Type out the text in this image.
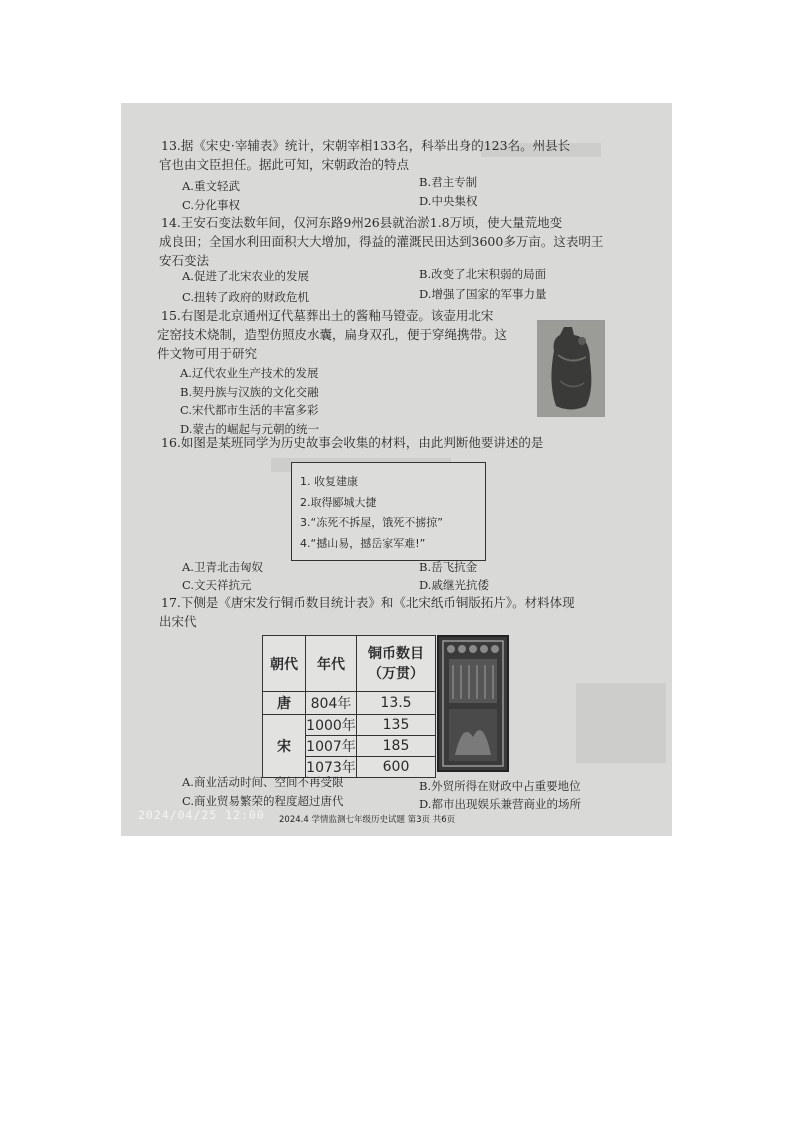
13.据《宋史·宰辅表》统计，宋朝宰相133名，科举出身的123名。州县长
官也由文臣担任。据此可知，宋朝政治的特点
A.重文轻武	B.君主专制
C.分化事权	D.中央集权
14.王安石变法数年间，仅河东路9州26县就治淤1.8万顷，使大量荒地变
成良田；全国水利田面积大大增加，得益的灌溉民田达到3600多万亩。这表明王
安石变法
A.促进了北宋农业的发展	B.改变了北宋积弱的局面
C.扭转了政府的财政危机	D.增强了国家的军事力量
15.右图是北京通州辽代墓葬出土的酱釉马镫壶。该壶用北宋
定窑技术烧制，造型仿照皮水囊，扁身双孔，便于穿绳携带。这
件文物可用于研究
A.辽代农业生产技术的发展
B.契丹族与汉族的文化交融
C.宋代都市生活的丰富多彩
D.蒙古的崛起与元朝的统一
16.如图是某班同学为历史故事会收集的材料，由此判断他要讲述的是
1. 收复建康
2.取得郾城大捷
3.“冻死不拆屋，饿死不掳掠”
4.“撼山易，撼岳家军难!”
A.卫青北击匈奴	B.岳飞抗金
C.文天祥抗元	D.戚继光抗倭
17.下侧是《唐宋发行铜币数目统计表》和《北宋纸币铜版拓片》。材料体现
出宋代
朝代	年代	铜币数目
（万贯）

唐	804年	13.5
宋	1000年	135
	1007年	185
	1073年	600
A.商业活动时间、空间不再受限	B.外贸所得在财政中占重要地位
C.商业贸易繁荣的程度超过唐代	D.都市出现娱乐兼营商业的场所
2024/04/25 12:00 2024.4 学情监测七年级历史试题 第3页 共6页
